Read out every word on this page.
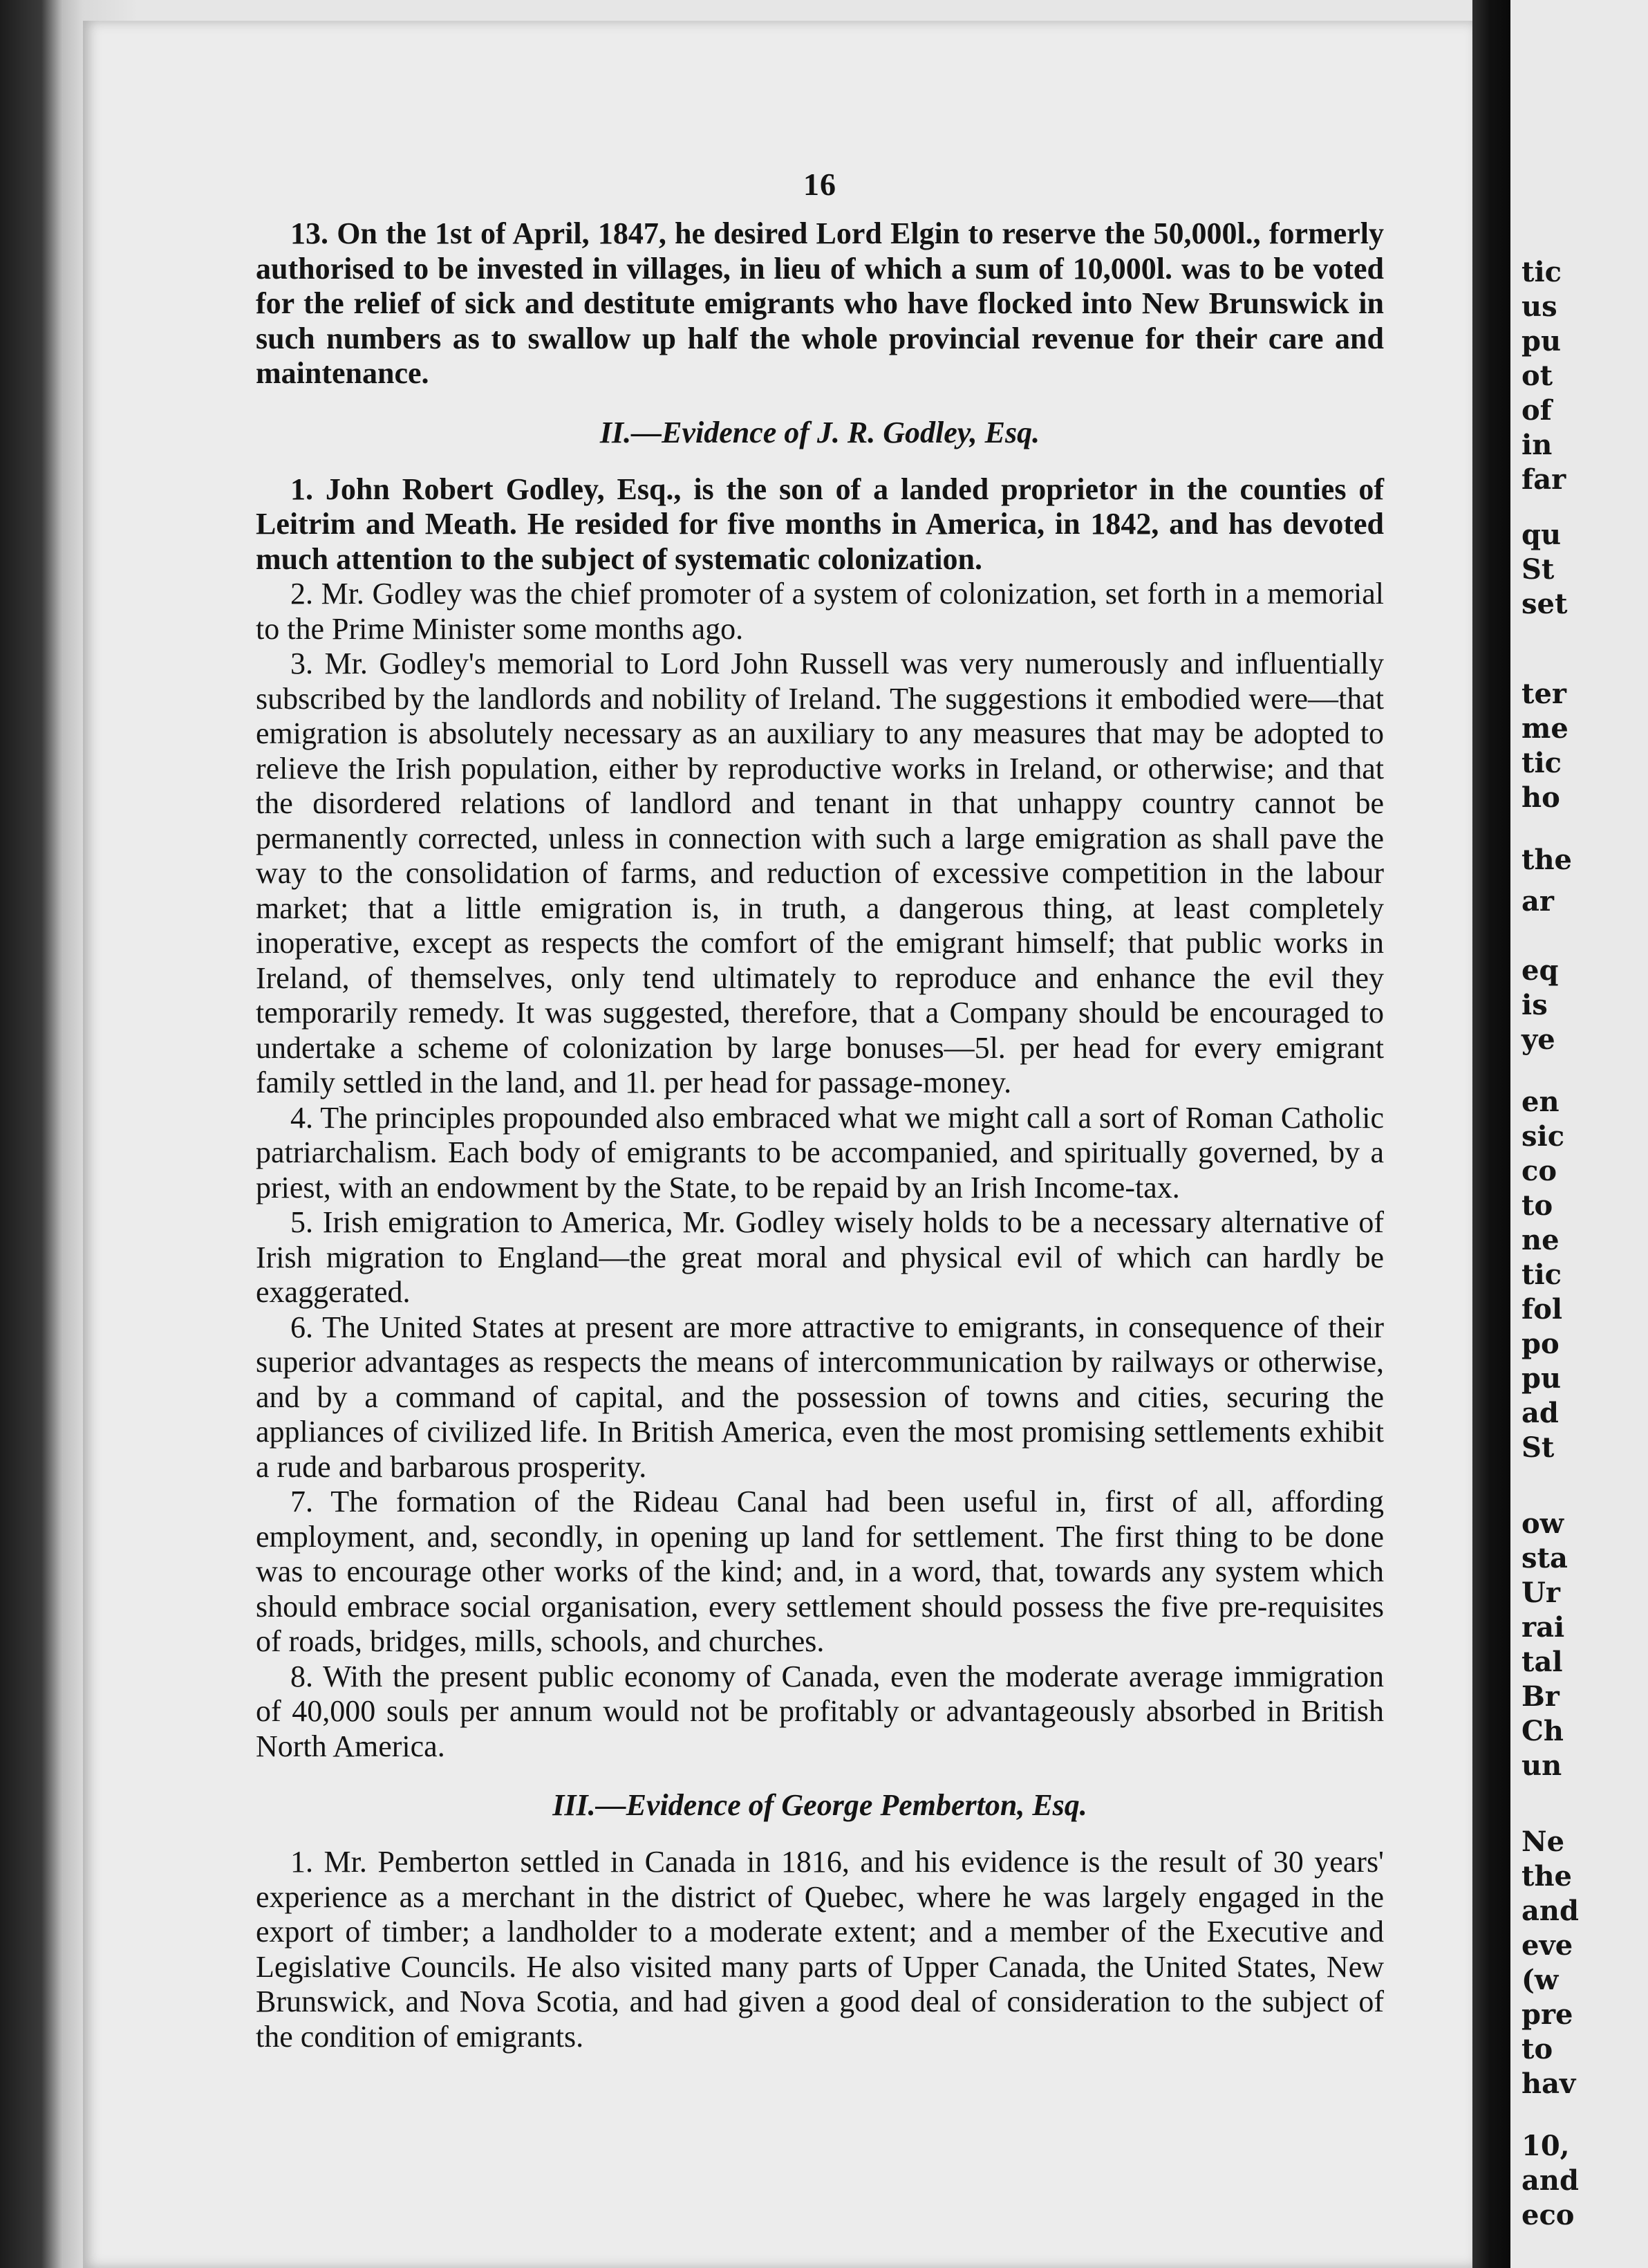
16

13. On the 1st of April, 1847, he desired Lord Elgin to reserve the 50,000l., formerly authorised to be invested in villages, in lieu of which a sum of 10,000l. was to be voted for the relief of sick and destitute emigrants who have flocked into New Brunswick in such numbers as to swallow up half the whole provincial revenue for their care and maintenance.

II.—Evidence of J. R. Godley, Esq.

1. John Robert Godley, Esq., is the son of a landed proprietor in the counties of Leitrim and Meath. He resided for five months in America, in 1842, and has devoted much attention to the subject of systematic colonization.

2. Mr. Godley was the chief promoter of a system of colonization, set forth in a memorial to the Prime Minister some months ago.

3. Mr. Godley's memorial to Lord John Russell was very numerously and influentially subscribed by the landlords and nobility of Ireland. The suggestions it embodied were—that emigration is absolutely necessary as an auxiliary to any measures that may be adopted to relieve the Irish population, either by reproductive works in Ireland, or otherwise; and that the disordered relations of landlord and tenant in that unhappy country cannot be permanently corrected, unless in connection with such a large emigration as shall pave the way to the consolidation of farms, and reduction of excessive competition in the labour market; that a little emigration is, in truth, a dangerous thing, at least completely inoperative, except as respects the comfort of the emigrant himself; that public works in Ireland, of themselves, only tend ultimately to reproduce and enhance the evil they temporarily remedy. It was suggested, therefore, that a Company should be encouraged to undertake a scheme of colonization by large bonuses—5l. per head for every emigrant family settled in the land, and 1l. per head for passage-money.

4. The principles propounded also embraced what we might call a sort of Roman Catholic patriarchalism. Each body of emigrants to be accompanied, and spiritually governed, by a priest, with an endowment by the State, to be repaid by an Irish Income-tax.

5. Irish emigration to America, Mr. Godley wisely holds to be a necessary alternative of Irish migration to England—the great moral and physical evil of which can hardly be exaggerated.

6. The United States at present are more attractive to emigrants, in consequence of their superior advantages as respects the means of intercommunication by railways or otherwise, and by a command of capital, and the possession of towns and cities, securing the appliances of civilized life. In British America, even the most promising settlements exhibit a rude and barbarous prosperity.

7. The formation of the Rideau Canal had been useful in, first of all, affording employment, and, secondly, in opening up land for settlement. The first thing to be done was to encourage other works of the kind; and, in a word, that, towards any system which should embrace social organisation, every settlement should possess the five pre-requisites of roads, bridges, mills, schools, and churches.

8. With the present public economy of Canada, even the moderate average immigration of 40,000 souls per annum would not be profitably or advantageously absorbed in British North America.

III.—Evidence of George Pemberton, Esq.

1. Mr. Pemberton settled in Canada in 1816, and his evidence is the result of 30 years' experience as a merchant in the district of Quebec, where he was largely engaged in the export of timber; a landholder to a moderate extent; and a member of the Executive and Legislative Councils. He also visited many parts of Upper Canada, the United States, New Brunswick, and Nova Scotia, and had given a good deal of consideration to the subject of the condition of emigrants.

tic
us
pu
ot
of
in
far
qu
St
set
ter
me
tic
ho
the
ar
eq
is
ye
en
sic
co
to
ne
tic
fol
po
pu
ad
St
ow
sta
Ur
rai
tal
Br
Ch
un
Ne
the
and
eve
(w
pre
to
hav
10,
and
eco
